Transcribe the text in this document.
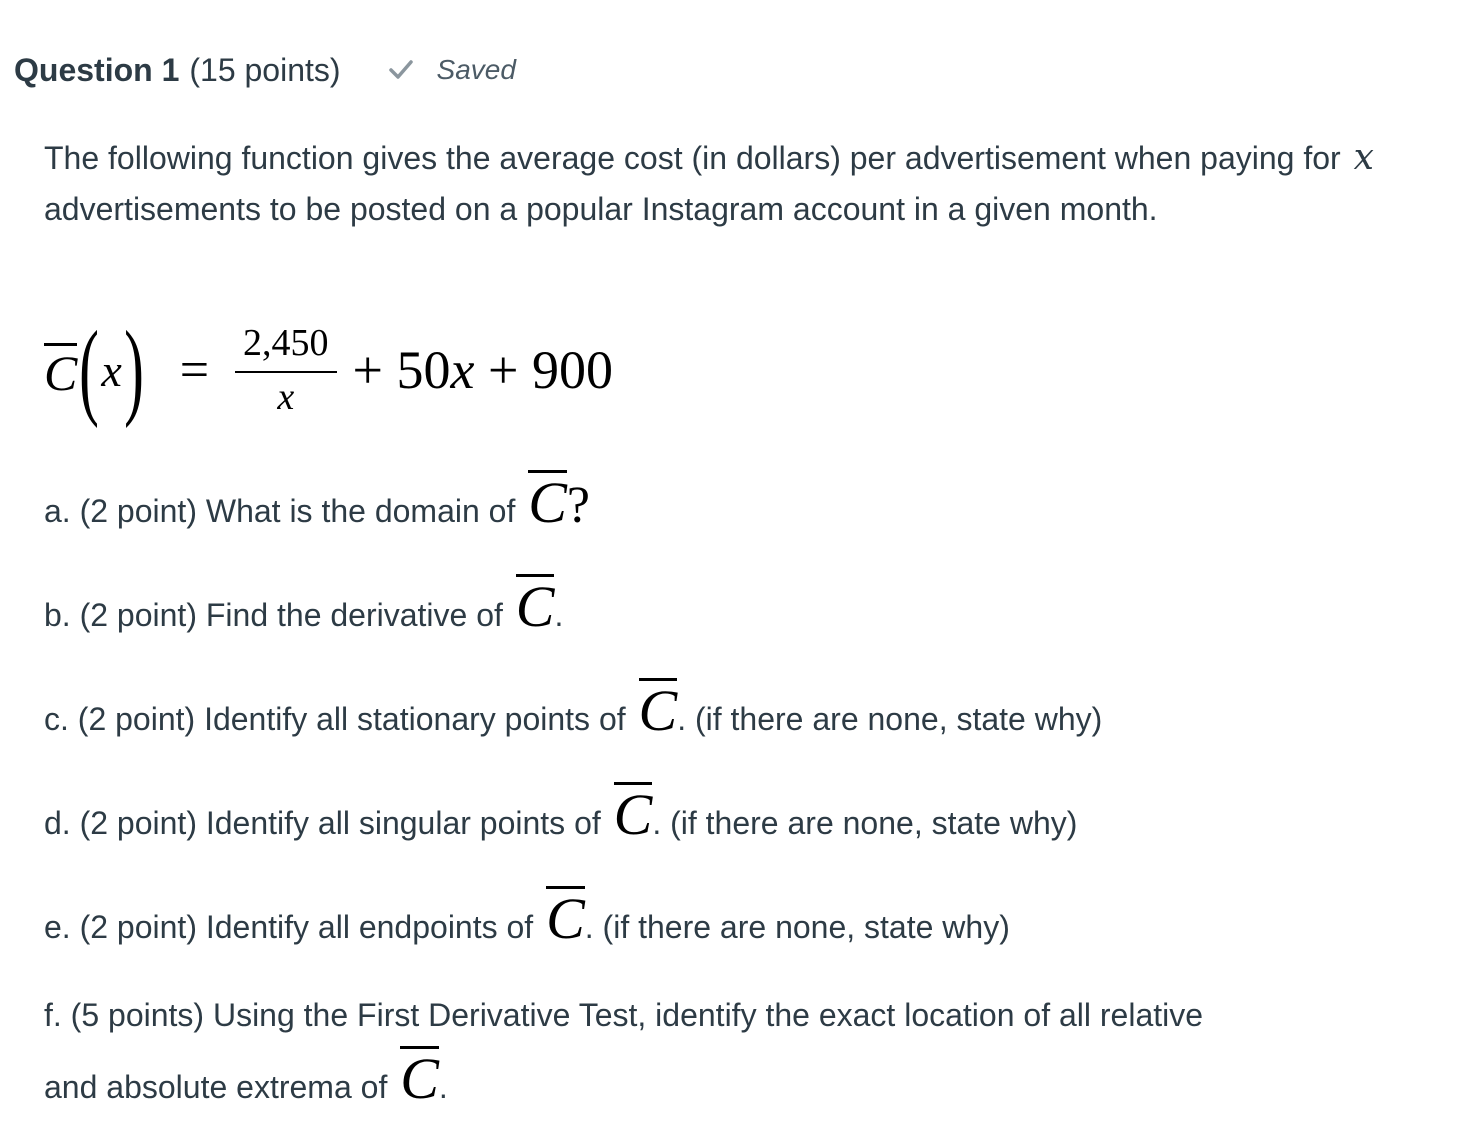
Question 1 (15 points)	Saved

The following function gives the average cost (in dollars) per advertisement when paying for x advertisements to be posted on a popular Instagram account in a given month.

C ( x ) = $\frac{2,450}{x} + 50x + 900$
a. (2 point) What is the domain of C?
b. (2 point) Find the derivative of C.
c. (2 point) Identify all stationary points of C. (if there are none, state why)
d. (2 point) Identify all singular points of C. (if there are none, state why)
e. (2 point) Identify all endpoints of C. (if there are none, state why)
f. (5 points) Using the First Derivative Test, identify the exact location of all relative
and absolute extrema of C.
